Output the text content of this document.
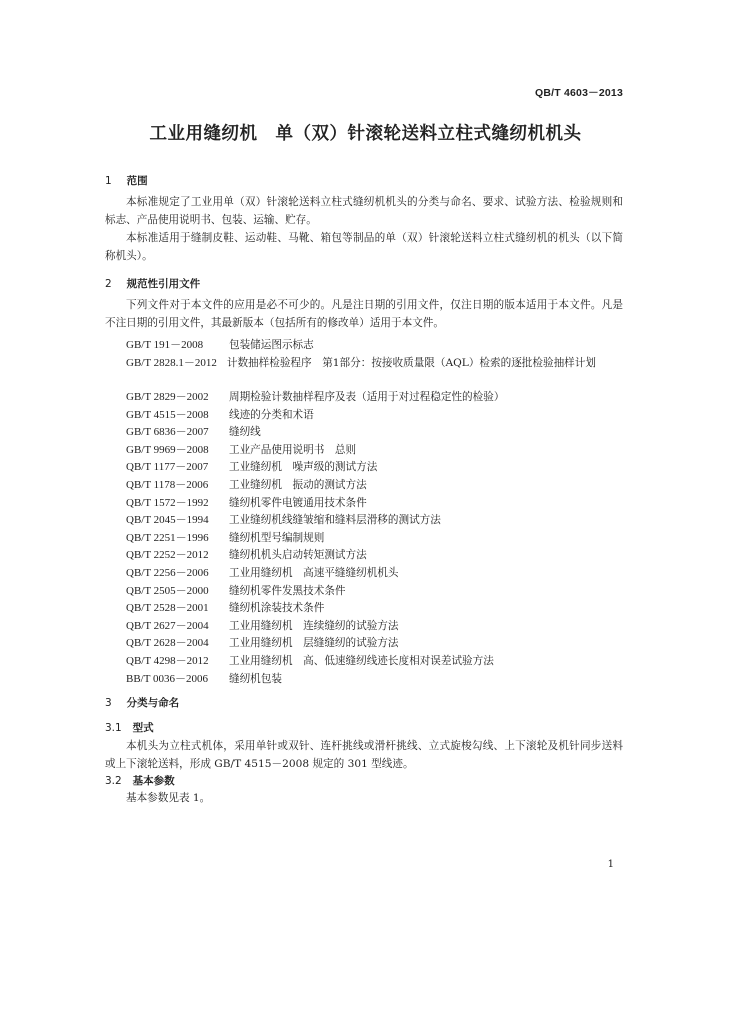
QB/T 4603－2013
工业用缝纫机　单（双）针滚轮送料立柱式缝纫机机头
1 范围
本标准规定了工业用单（双）针滚轮送料立柱式缝纫机机头的分类与命名、要求、试验方法、检验规则和标志、产品使用说明书、包装、运输、贮存。
本标准适用于缝制皮鞋、运动鞋、马靴、箱包等制品的单（双）针滚轮送料立柱式缝纫机的机头（以下简称机头）。
2 规范性引用文件
下列文件对于本文件的应用是必不可少的。凡是注日期的引用文件，仅注日期的版本适用于本文件。凡是不注日期的引用文件，其最新版本（包括所有的修改单）适用于本文件。
GB/T 191－2008 包装储运图示标志
GB/T 2828.1－2012 计数抽样检验程序　第1部分：按接收质量限（AQL）检索的逐批检验抽样计划
GB/T 2829－2002 周期检验计数抽样程序及表（适用于对过程稳定性的检验）
GB/T 4515－2008 线迹的分类和术语
GB/T 6836－2007 缝纫线
GB/T 9969－2008 工业产品使用说明书　总则
QB/T 1177－2007 工业缝纫机　噪声级的测试方法
QB/T 1178－2006 工业缝纫机　振动的测试方法
QB/T 1572－1992 缝纫机零件电镀通用技术条件
QB/T 2045－1994 工业缝纫机线缝皱缩和缝料层滑移的测试方法
QB/T 2251－1996 缝纫机型号编制规则
QB/T 2252－2012 缝纫机机头启动转矩测试方法
QB/T 2256－2006 工业用缝纫机　高速平缝缝纫机机头
QB/T 2505－2000 缝纫机零件发黑技术条件
QB/T 2528－2001 缝纫机涂装技术条件
QB/T 2627－2004 工业用缝纫机　连续缝纫的试验方法
QB/T 2628－2004 工业用缝纫机　层缝缝纫的试验方法
QB/T 4298－2012 工业用缝纫机　高、低速缝纫线迹长度相对误差试验方法
BB/T 0036－2006 缝纫机包装
3 分类与命名
3.1 型式
本机头为立柱式机体，采用单针或双针、连杆挑线或滑杆挑线、立式旋梭勾线、上下滚轮及机针同步送料或上下滚轮送料，形成 GB/T 4515－2008 规定的 301 型线迹。
3.2 基本参数
基本参数见表 1。
1
